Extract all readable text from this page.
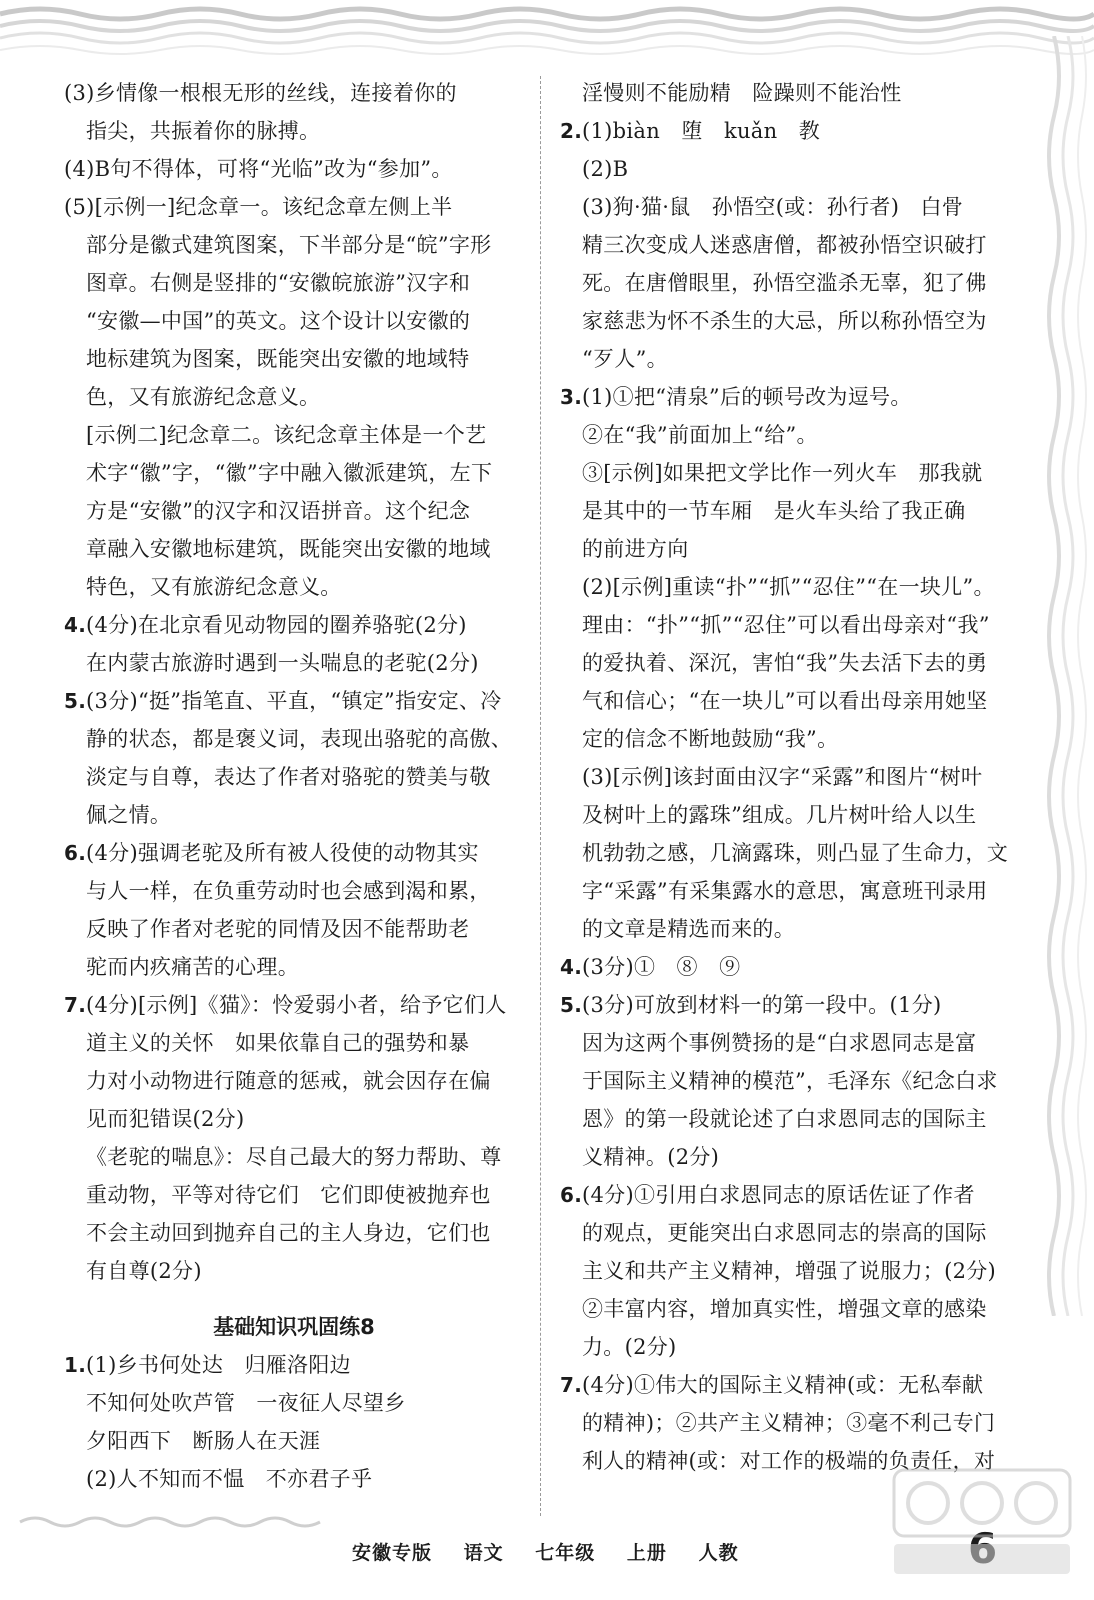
(3)乡情像一根根无形的丝线，连接着你的
指尖，共振着你的脉搏。
(4)B句不得体，可将“光临”改为“参加”。
(5)[示例一]纪念章一。该纪念章左侧上半
部分是徽式建筑图案，下半部分是“皖”字形
图章。右侧是竖排的“安徽皖旅游”汉字和
“安徽—中国”的英文。这个设计以安徽的
地标建筑为图案，既能突出安徽的地域特
色，又有旅游纪念意义。
[示例二]纪念章二。该纪念章主体是一个艺
术字“徽”字，“徽”字中融入徽派建筑，左下
方是“安徽”的汉字和汉语拼音。这个纪念
章融入安徽地标建筑，既能突出安徽的地域
特色，又有旅游纪念意义。
4.(4分)在北京看见动物园的圈养骆驼(2分)
在内蒙古旅游时遇到一头喘息的老驼(2分)
5.(3分)“挺”指笔直、平直，“镇定”指安定、冷
静的状态，都是褒义词，表现出骆驼的高傲、
淡定与自尊，表达了作者对骆驼的赞美与敬
佩之情。
6.(4分)强调老驼及所有被人役使的动物其实
与人一样，在负重劳动时也会感到渴和累，
反映了作者对老驼的同情及因不能帮助老
驼而内疚痛苦的心理。
7.(4分)[示例]《猫》：怜爱弱小者，给予它们人
道主义的关怀　如果依靠自己的强势和暴
力对小动物进行随意的惩戒，就会因存在偏
见而犯错误(2分)
《老驼的喘息》：尽自己最大的努力帮助、尊
重动物，平等对待它们　它们即使被抛弃也
不会主动回到抛弃自己的主人身边，它们也
有自尊(2分)
基础知识巩固练8
1.(1)乡书何处达　归雁洛阳边
不知何处吹芦管　一夜征人尽望乡
夕阳西下　断肠人在天涯
(2)人不知而不愠　不亦君子乎
淫慢则不能励精　险躁则不能治性
2.(1)biàn　堕　kuǎn　教
(2)B
(3)狗·猫·鼠　孙悟空(或：孙行者)　白骨
精三次变成人迷惑唐僧，都被孙悟空识破打
死。在唐僧眼里，孙悟空滥杀无辜，犯了佛
家慈悲为怀不杀生的大忌，所以称孙悟空为
“歹人”。
3.(1)①把“清泉”后的顿号改为逗号。
②在“我”前面加上“给”。
③[示例]如果把文学比作一列火车　那我就
是其中的一节车厢　是火车头给了我正确
的前进方向
(2)[示例]重读“扑”“抓”“忍住”“在一块儿”。
理由：“扑”“抓”“忍住”可以看出母亲对“我”
的爱执着、深沉，害怕“我”失去活下去的勇
气和信心；“在一块儿”可以看出母亲用她坚
定的信念不断地鼓励“我”。
(3)[示例]该封面由汉字“采露”和图片“树叶
及树叶上的露珠”组成。几片树叶给人以生
机勃勃之感，几滴露珠，则凸显了生命力，文
字“采露”有采集露水的意思，寓意班刊录用
的文章是精选而来的。
4.(3分)①　⑧　⑨
5.(3分)可放到材料一的第一段中。(1分)
因为这两个事例赞扬的是“白求恩同志是富
于国际主义精神的模范”，毛泽东《纪念白求
恩》的第一段就论述了白求恩同志的国际主
义精神。(2分)
6.(4分)①引用白求恩同志的原话佐证了作者
的观点，更能突出白求恩同志的崇高的国际
主义和共产主义精神，增强了说服力；(2分)
②丰富内容，增加真实性，增强文章的感染
力。(2分)
7.(4分)①伟大的国际主义精神(或：无私奉献
的精神)；②共产主义精神；③毫不利己专门
利人的精神(或：对工作的极端的负责任，对
安徽专版 语文 七年级 上册 人教
